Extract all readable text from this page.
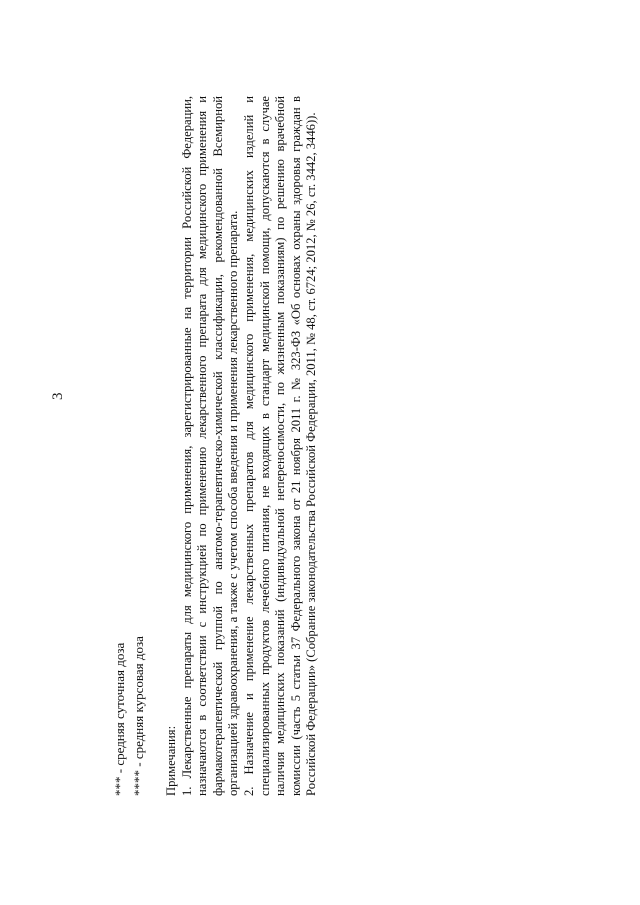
3
*** - средняя суточная доза **** - средняя курсовая доза Примечания: 1. Лекарственные препараты для медицинского применения, зарегистрированные на территории Российской Федерации, назначаются в соответствии с инструкцией по применению лекарственного препарата для медицинского применения и фармакотерапевтической группой по анатомо-терапевтическо-химической классификации, рекомендованной Всемирной организацией здравоохранения, а также с учетом способа введения и применения лекарственного препарата. 2. Назначение и применение лекарственных препаратов для медицинского применения, медицинских изделий и специализированных продуктов лечебного питания, не входящих в стандарт медицинской помощи, допускаются в случае наличия медицинских показаний (индивидуальной непереносимости, по жизненным показаниям) по решению врачебной комиссии (часть 5 статьи 37 Федерального закона от 21 ноября 2011 г. № 323-ФЗ «Об основах охраны здоровья граждан в Российской Федерации» (Собрание законодательства Российской Федерации, 2011, № 48, ст. 6724; 2012, № 26, ст. 3442, 3446)).
